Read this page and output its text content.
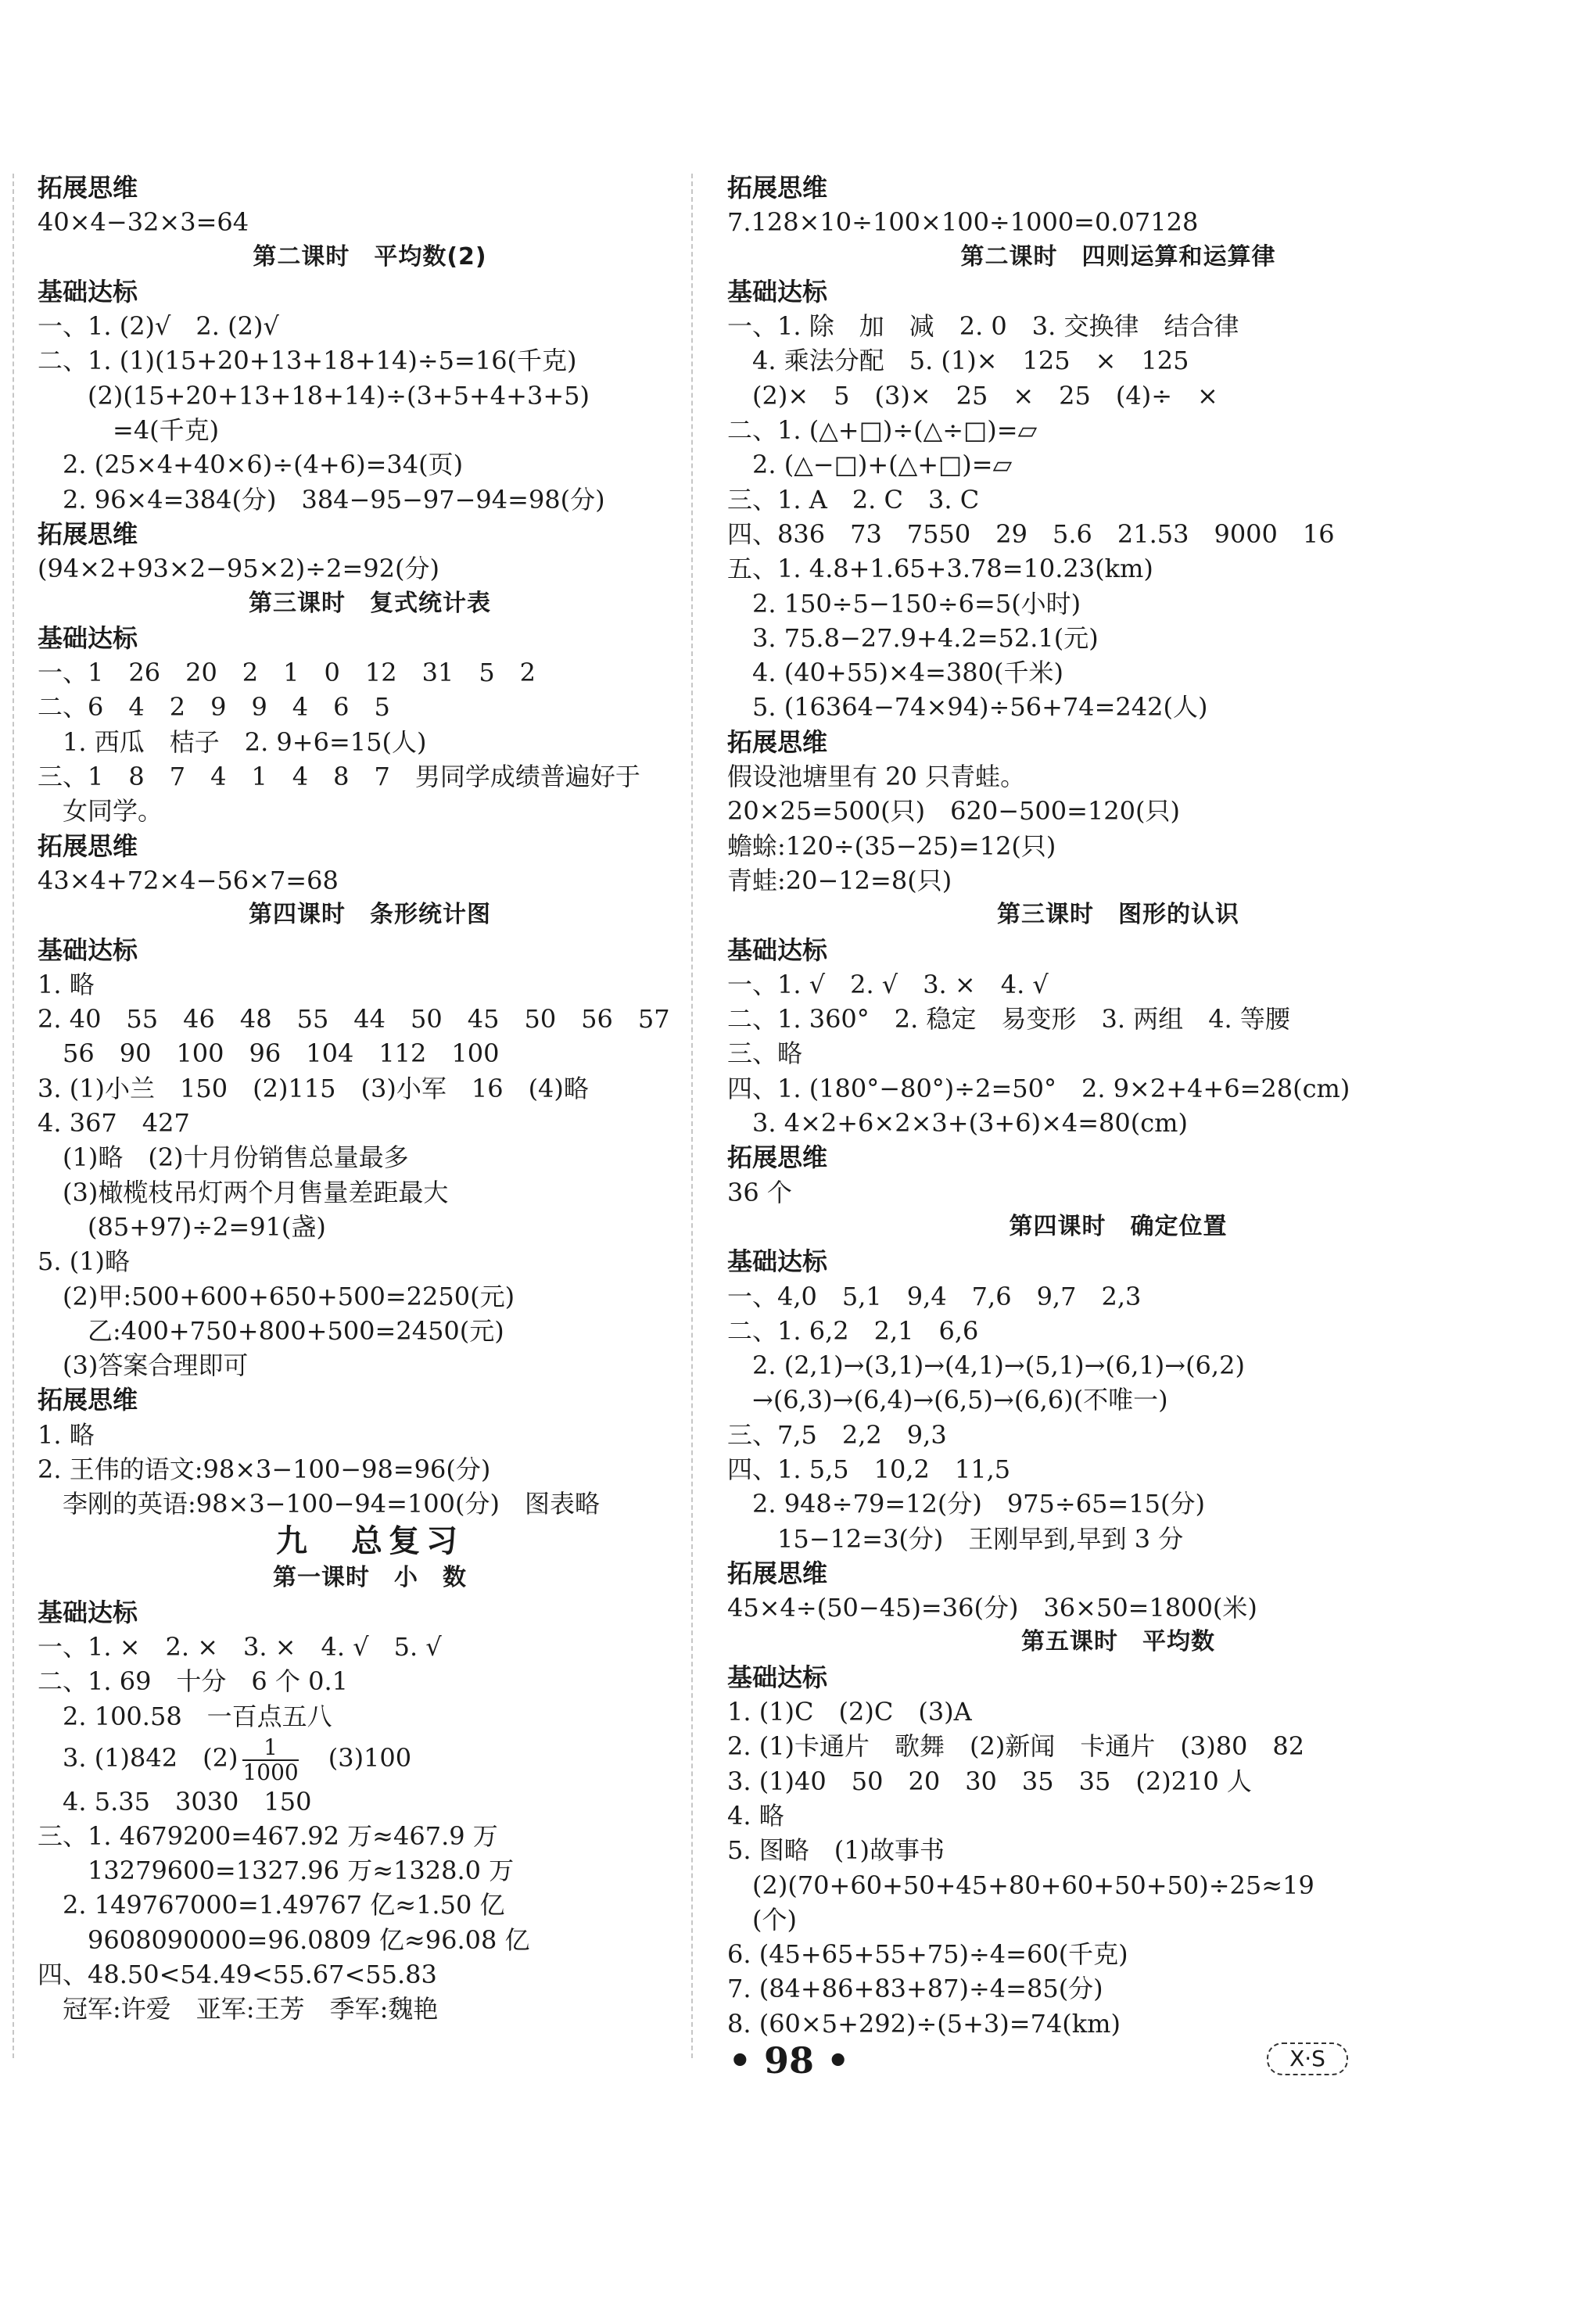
拓展思维
40×4−32×3=64
第二课时　平均数(2)
基础达标
一、1. (2)√　2. (2)√
二、1. (1)(15+20+13+18+14)÷5=16(千克)
　　(2)(15+20+13+18+14)÷(3+5+4+3+5)
　　　=4(千克)
　2. (25×4+40×6)÷(4+6)=34(页)
　2. 96×4=384(分)　384−95−97−94=98(分)
拓展思维
(94×2+93×2−95×2)÷2=92(分)
第三课时　复式统计表
基础达标
一、1　26　20　2　1　0　12　31　5　2
二、6　4　2　9　9　4　6　5
　1. 西瓜　桔子　2. 9+6=15(人)
三、1　8　7　4　1　4　8　7　男同学成绩普遍好于
　女同学。
拓展思维
43×4+72×4−56×7=68
第四课时　条形统计图
基础达标
1. 略
2. 40　55　46　48　55　44　50　45　50　56　57
　56　90　100　96　104　112　100
3. (1)小兰　150　(2)115　(3)小军　16　(4)略
4. 367　427
　(1)略　(2)十月份销售总量最多
　(3)橄榄枝吊灯两个月售量差距最大
　　(85+97)÷2=91(盏)
5. (1)略
　(2)甲:500+600+650+500=2250(元)
　　乙:400+750+800+500=2450(元)
　(3)答案合理即可
拓展思维
1. 略
2. 王伟的语文:98×3−100−98=96(分)
　李刚的英语:98×3−100−94=100(分)　图表略
九　总复习
第一课时　小　数
基础达标
一、1. ×　2. ×　3. ×　4. √　5. √
二、1. 69　十分　6 个 0.1
　2. 100.58　一百点五八
　3. (1)842　$(2) \frac{1}{1000}$ 　(3)100
　4. 5.35　3030　150
三、1. 4679200=467.92 万≈467.9 万
　　13279600=1327.96 万≈1328.0 万
　2. 149767000=1.49767 亿≈1.50 亿
　　9608090000=96.0809 亿≈96.08 亿
四、48.50<54.49<55.67<55.83
　冠军:许爱　亚军:王芳　季军:魏艳
拓展思维
7.128×10÷100×100÷1000=0.07128
第二课时　四则运算和运算律
基础达标
一、1. 除　加　减　2. 0　3. 交换律　结合律
　4. 乘法分配　5. (1)×　125　×　125
　(2)×　5　(3)×　25　×　25　(4)÷　×
二、1. (△+□)÷(△÷□)=▱
　2. (△−□)+(△+□)=▱
三、1. A　2. C　3. C
四、836　73　7550　29　5.6　21.53　9000　16
五、1. 4.8+1.65+3.78=10.23(km)
　2. 150÷5−150÷6=5(小时)
　3. 75.8−27.9+4.2=52.1(元)
　4. (40+55)×4=380(千米)
　5. (16364−74×94)÷56+74=242(人)
拓展思维
假设池塘里有 20 只青蛙。
20×25=500(只)　620−500=120(只)
蟾蜍:120÷(35−25)=12(只)
青蛙:20−12=8(只)
第三课时　图形的认识
基础达标
一、1. √　2. √　3. ×　4. √
二、1. 360°　2. 稳定　易变形　3. 两组　4. 等腰
三、略
四、1. (180°−80°)÷2=50°　2. 9×2+4+6=28(cm)
　3. 4×2+6×2×3+(3+6)×4=80(cm)
拓展思维
36 个
第四课时　确定位置
基础达标
一、4,0　5,1　9,4　7,6　9,7　2,3
二、1. 6,2　2,1　6,6
　2. (2,1)→(3,1)→(4,1)→(5,1)→(6,1)→(6,2)
　→(6,3)→(6,4)→(6,5)→(6,6)(不唯一)
三、7,5　2,2　9,3
四、1. 5,5　10,2　11,5
　2. 948÷79=12(分)　975÷65=15(分)
　　15−12=3(分)　王刚早到,早到 3 分
拓展思维
45×4÷(50−45)=36(分)　36×50=1800(米)
第五课时　平均数
基础达标
1. (1)C　(2)C　(3)A
2. (1)卡通片　歌舞　(2)新闻　卡通片　(3)80　82
3. (1)40　50　20　30　35　35　(2)210 人
4. 略
5. 图略　(1)故事书
　(2)(70+60+50+45+80+60+50+50)÷25≈19
　(个)
6. (45+65+55+75)÷4=60(千克)
7. (84+86+83+87)÷4=85(分)
8. (60×5+292)÷(5+3)=74(km)
• 98 •	X·S
